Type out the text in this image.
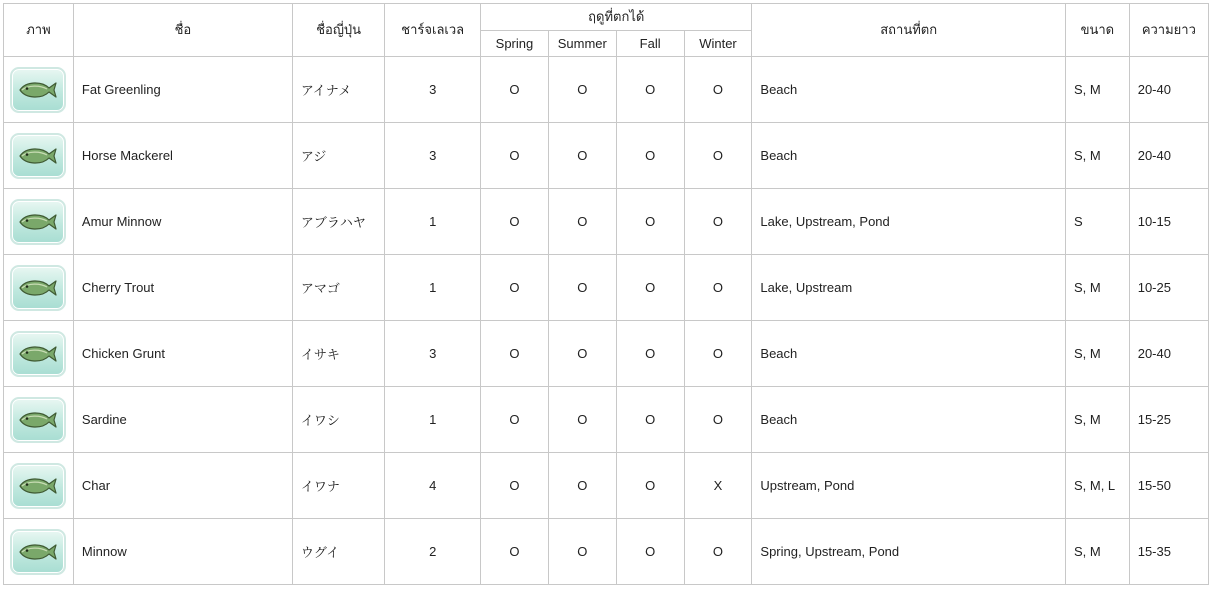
ภาพ	ชื่อ	ชื่อญี่ปุ่น	ชาร์จเลเวล	ฤดูที่ตกได้				สถานที่ตก	ขนาด	ความยาว
				Spring	Summer	Fall	Winter			

	Fat Greenling	アイナメ	3	O	O	O	O	Beach	S, M	20-40

	Horse Mackerel	アジ	3	O	O	O	O	Beach	S, M	20-40

	Amur Minnow	アブラハヤ	1	O	O	O	O	Lake, Upstream, Pond	S	10-15

	Cherry Trout	アマゴ	1	O	O	O	O	Lake, Upstream	S, M	10-25

	Chicken Grunt	イサキ	3	O	O	O	O	Beach	S, M	20-40

	Sardine	イワシ	1	O	O	O	O	Beach	S, M	15-25

	Char	イワナ	4	O	O	O	X	Upstream, Pond	S, M, L	15-50

	Minnow	ウグイ	2	O	O	O	O	Spring, Upstream, Pond	S, M	15-35
